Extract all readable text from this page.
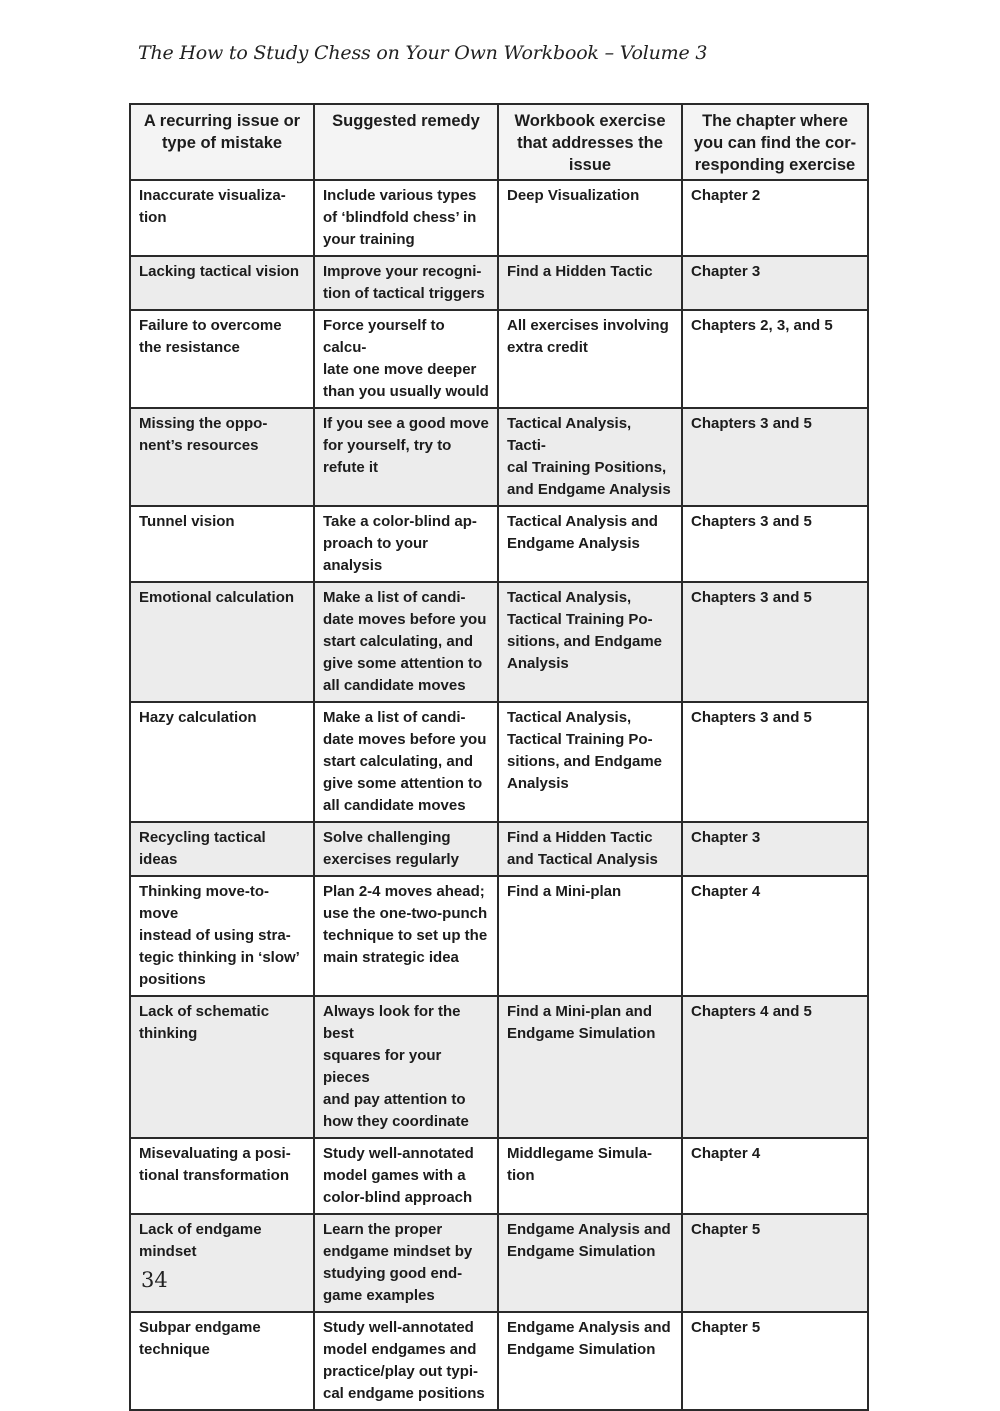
The How to Study Chess on Your Own Workbook – Volume 3
A recurring issue or
type of mistake	Suggested remedy	Workbook exercise
that addresses the
issue	The chapter where
you can find the cor-
responding exercise
Inaccurate visualiza-
tion	Include various types
of ‘blindfold chess’ in
your training	Deep Visualization	Chapter 2
Lacking tactical vision	Improve your recogni-
tion of tactical triggers	Find a Hidden Tactic	Chapter 3
Failure to overcome
the resistance	Force yourself to calcu-
late one move deeper
than you usually would	All exercises involving
extra credit	Chapters 2, 3, and 5
Missing the oppo-
nent’s resources	If you see a good move
for yourself, try to
refute it	Tactical Analysis, Tacti-
cal Training Positions,
and Endgame Analysis	Chapters 3 and 5
Tunnel vision	Take a color-blind ap-
proach to your analysis	Tactical Analysis and
Endgame Analysis	Chapters 3 and 5
Emotional calculation	Make a list of candi-
date moves before you
start calculating, and
give some attention to
all candidate moves	Tactical Analysis,
Tactical Training Po-
sitions, and Endgame
Analysis	Chapters 3 and 5
Hazy calculation	Make a list of candi-
date moves before you
start calculating, and
give some attention to
all candidate moves	Tactical Analysis,
Tactical Training Po-
sitions, and Endgame
Analysis	Chapters 3 and 5
Recycling tactical
ideas	Solve challenging
exercises regularly	Find a Hidden Tactic
and Tactical Analysis	Chapter 3
Thinking move-to-move
instead of using stra-
tegic thinking in ‘slow’
positions	Plan 2-4 moves ahead;
use the one-two-punch
technique to set up the
main strategic idea	Find a Mini-plan	Chapter 4
Lack of schematic
thinking	Always look for the best
squares for your pieces
and pay attention to
how they coordinate	Find a Mini-plan and
Endgame Simulation	Chapters 4 and 5
Misevaluating a posi-
tional transformation	Study well-annotated
model games with a
color-blind approach	Middlegame Simula-
tion	Chapter 4
Lack of endgame
mindset	Learn the proper
endgame mindset by
studying good end-
game examples	Endgame Analysis and
Endgame Simulation	Chapter 5
Subpar endgame
technique	Study well-annotated
model endgames and
practice/play out typi-
cal endgame positions	Endgame Analysis and
Endgame Simulation	Chapter 5
34
